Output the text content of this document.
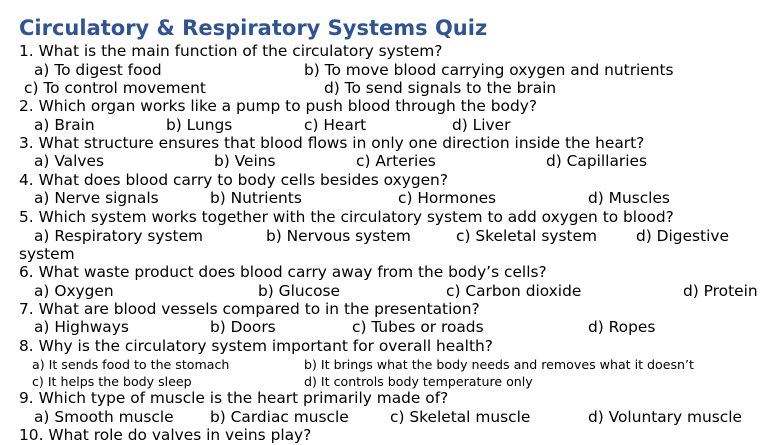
Circulatory & Respiratory Systems Quiz
1. What is the main function of the circulatory system?
a) To digest food	b) To move blood carrying oxygen and nutrients
c) To control movement	d) To send signals to the brain
2. Which organ works like a pump to push blood through the body?
a) Brain	b) Lungs	c) Heart	d) Liver
3. What structure ensures that blood flows in only one direction inside the heart?
a) Valves	b) Veins	c) Arteries	d) Capillaries
4. What does blood carry to body cells besides oxygen?
a) Nerve signals	b) Nutrients	c) Hormones	d) Muscles
5. Which system works together with the circulatory system to add oxygen to blood?
a) Respiratory system	b) Nervous system	c) Skeletal system	d) Digestive
system
6. What waste product does blood carry away from the body’s cells?
a) Oxygen	b) Glucose	c) Carbon dioxide	d) Protein
7. What are blood vessels compared to in the presentation?
a) Highways	b) Doors	c) Tubes or roads	d) Ropes
8. Why is the circulatory system important for overall health?
a) It sends food to the stomach	b) It brings what the body needs and removes what it doesn’t
c) It helps the body sleep	d) It controls body temperature only
9. Which type of muscle is the heart primarily made of?
a) Smooth muscle b) Cardiac muscle	c) Skeletal muscle	d) Voluntary muscle
10. What role do valves in veins play?
